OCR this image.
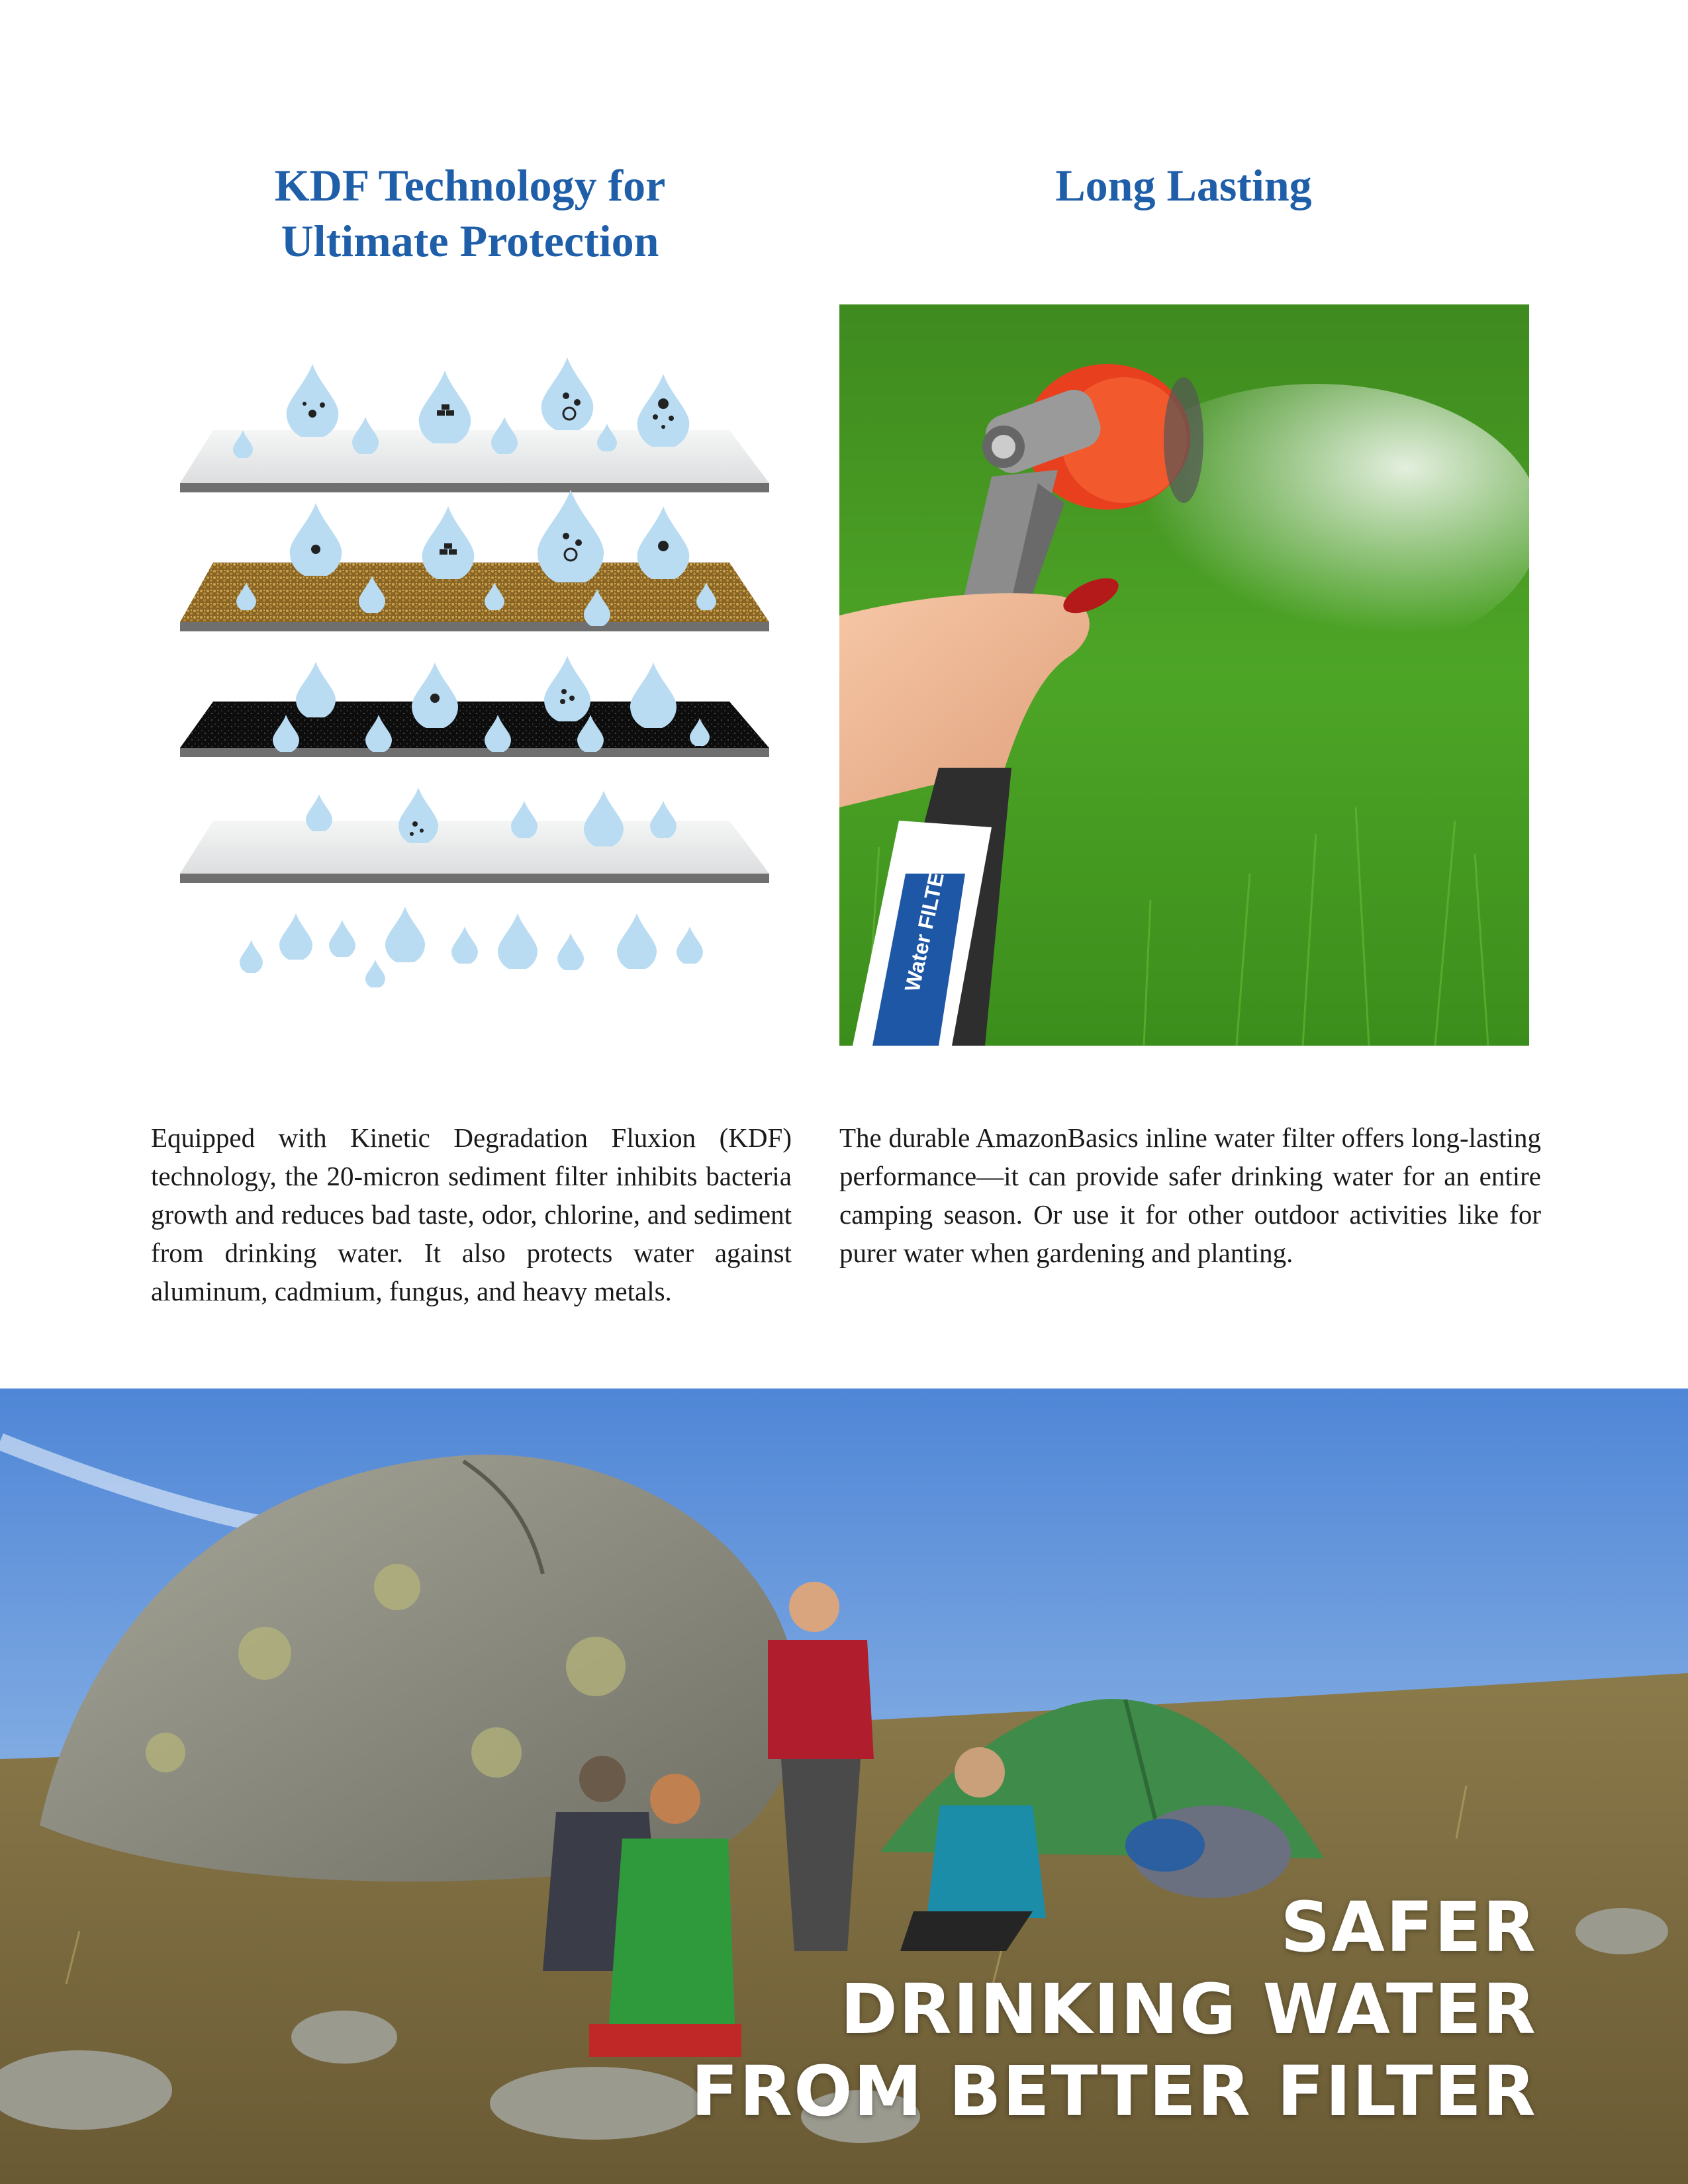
KDF Technology for
Ultimate Protection
Long Lasting
Water FILTER

Equipped with Kinetic Degradation Fluxion (KDF) technology, the 20-micron sediment filter inhibits bacteria growth and reduces bad taste, odor, chlorine, and sediment from drinking water. It also protects water against aluminum, cadmium, fungus, and heavy metals.

The durable AmazonBasics inline water filter offers long-lasting performance—it can provide safer drinking water for an entire camping season. Or use it for other outdoor activities like for purer water when gardening and planting.

SAFER
DRINKING WATER
FROM BETTER FILTER
